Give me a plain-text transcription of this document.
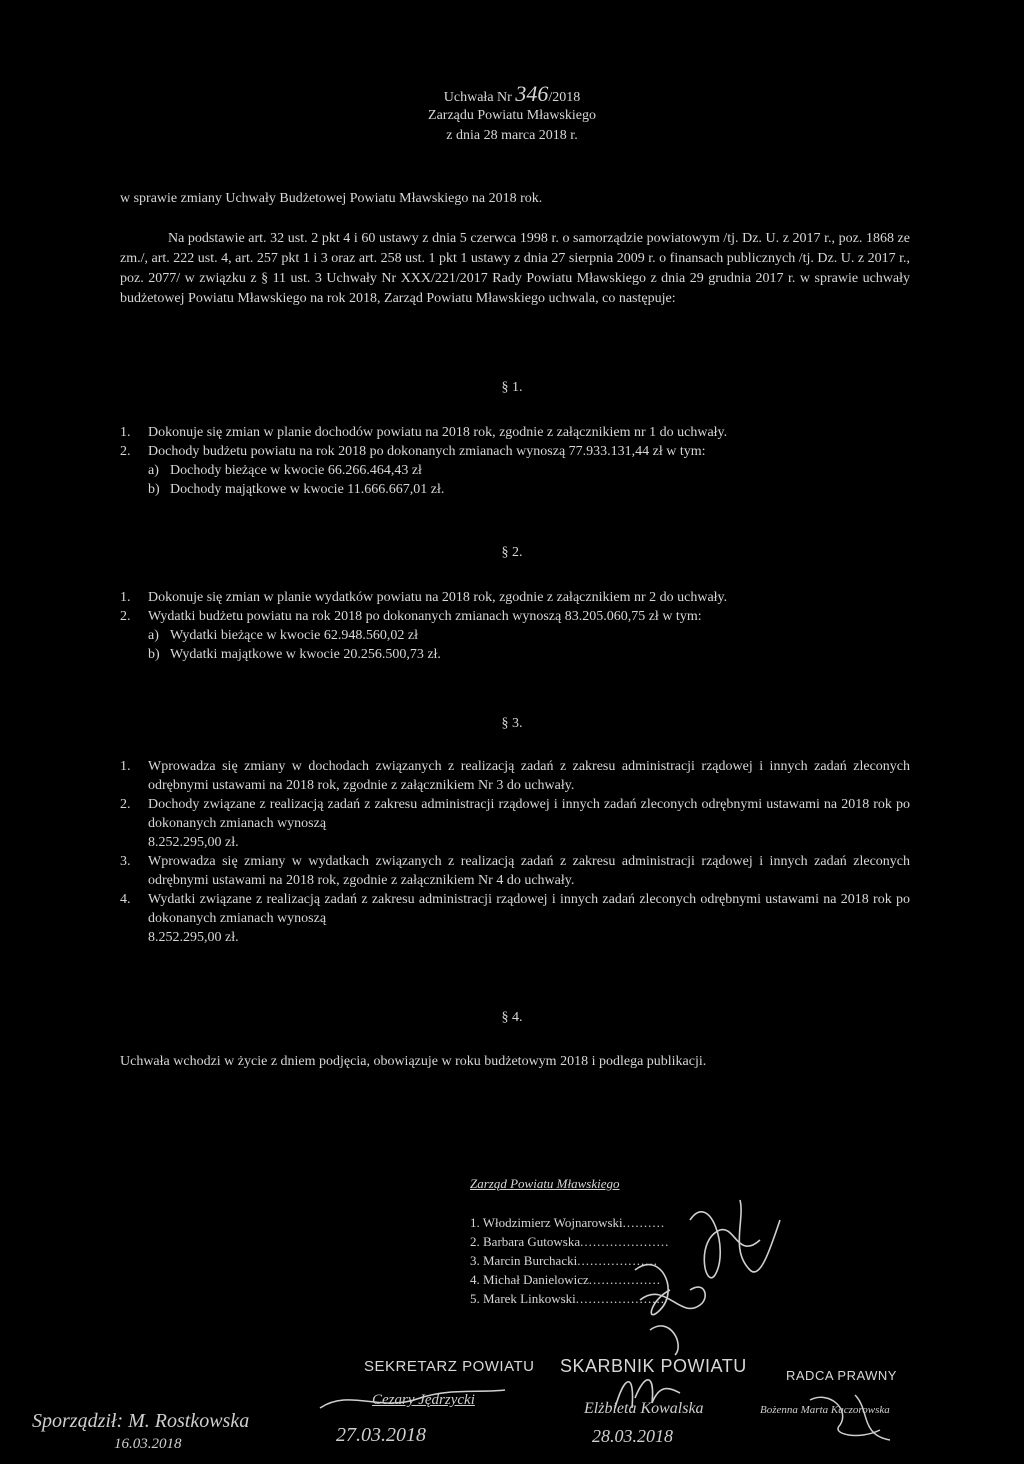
Uchwała Nr 346/2018
Zarządu Powiatu Mławskiego
z dnia 28 marca 2018 r.
w sprawie zmiany Uchwały Budżetowej Powiatu Mławskiego na 2018 rok.
Na podstawie art. 32 ust. 2 pkt 4 i 60 ustawy z dnia 5 czerwca 1998 r. o samorządzie powiatowym /tj. Dz. U. z 2017 r., poz. 1868 ze zm./, art. 222 ust. 4, art. 257 pkt 1 i 3 oraz art. 258 ust. 1 pkt 1 ustawy z dnia 27 sierpnia 2009 r. o finansach publicznych /tj. Dz. U. z 2017 r., poz. 2077/ w związku z § 11 ust. 3 Uchwały Nr XXX/221/2017 Rady Powiatu Mławskiego z dnia 29 grudnia 2017 r. w sprawie uchwały budżetowej Powiatu Mławskiego na rok 2018, Zarząd Powiatu Mławskiego uchwala, co następuje:
§ 1.
1. Dokonuje się zmian w planie dochodów powiatu na 2018 rok, zgodnie z załącznikiem nr 1 do uchwały.
2. Dochody budżetu powiatu na rok 2018 po dokonanych zmianach wynoszą 77.933.131,44 zł w tym:
a) Dochody bieżące w kwocie 66.266.464,43 zł
b) Dochody majątkowe w kwocie 11.666.667,01 zł.
§ 2.
1. Dokonuje się zmian w planie wydatków powiatu na 2018 rok, zgodnie z załącznikiem nr 2 do uchwały.
2. Wydatki budżetu powiatu na rok 2018 po dokonanych zmianach wynoszą 83.205.060,75 zł w tym:
a) Wydatki bieżące w kwocie 62.948.560,02 zł
b) Wydatki majątkowe w kwocie 20.256.500,73 zł.
§ 3.
1. Wprowadza się zmiany w dochodach związanych z realizacją zadań z zakresu administracji rządowej i innych zadań zleconych odrębnymi ustawami na 2018 rok, zgodnie z załącznikiem Nr 3 do uchwały.
2. Dochody związane z realizacją zadań z zakresu administracji rządowej i innych zadań zleconych odrębnymi ustawami na 2018 rok po dokonanych zmianach wynoszą
8.252.295,00 zł.
3. Wprowadza się zmiany w wydatkach związanych z realizacją zadań z zakresu administracji rządowej i innych zadań zleconych odrębnymi ustawami na 2018 rok, zgodnie z załącznikiem Nr 4 do uchwały.
4. Wydatki związane z realizacją zadań z zakresu administracji rządowej i innych zadań zleconych odrębnymi ustawami na 2018 rok po dokonanych zmianach wynoszą
8.252.295,00 zł.
§ 4.
Uchwała wchodzi w życie z dniem podjęcia, obowiązuje w roku budżetowym 2018 i podlega publikacji.
Zarząd Powiatu Mławskiego
1. Włodzimierz Wojnarowski..........
2. Barbara Gutowska.....................
3. Marcin Burchacki...................
4. Michał Danielowicz.................
5. Marek Linkowski.....................
SEKRETARZ POWIATU
Cezary Jędrzycki
27.03.2018
SKARBNIK POWIATU
Elżbieta Kowalska
28.03.2018
RADCA PRAWNY
Bożenna Marta Kaczorowska
Sporządził: M. Rostkowska
16.03.2018
